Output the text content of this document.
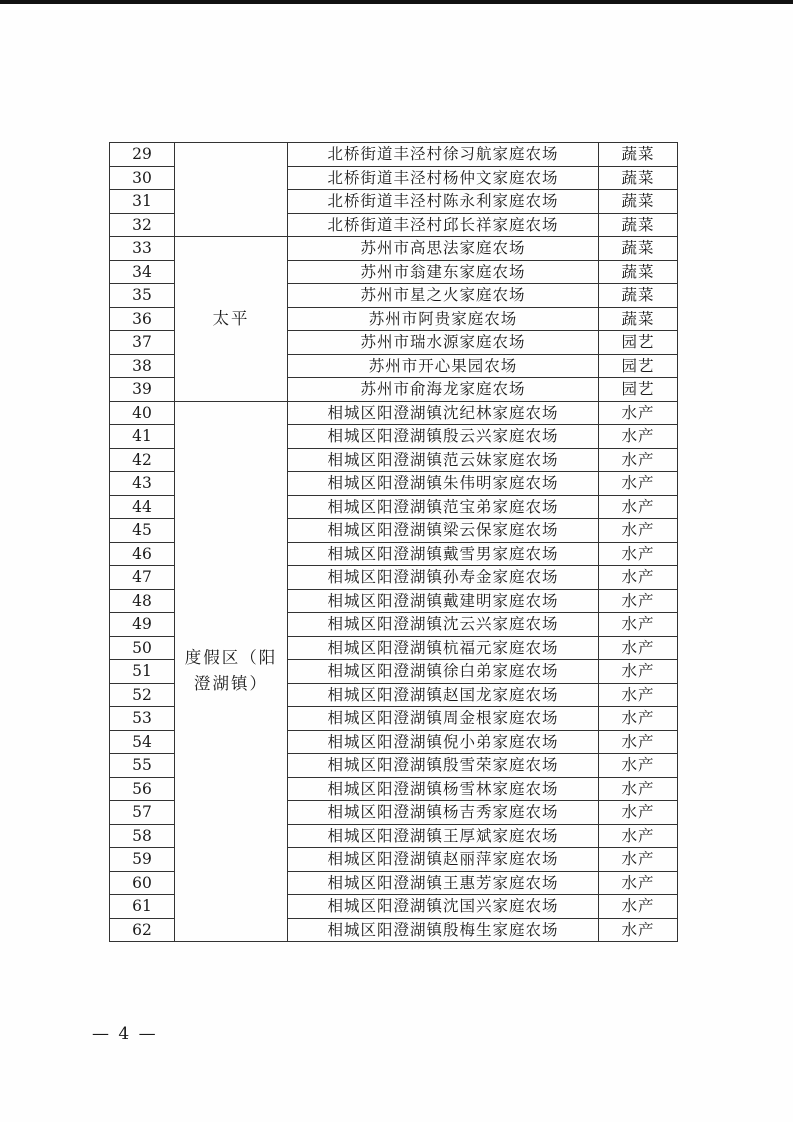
29		北桥街道丰泾村徐习航家庭农场	蔬菜
30		北桥街道丰泾村杨仲文家庭农场	蔬菜
31		北桥街道丰泾村陈永利家庭农场	蔬菜
32		北桥街道丰泾村邱长祥家庭农场	蔬菜
33	太平	苏州市高思法家庭农场	蔬菜
34		苏州市翁建东家庭农场	蔬菜
35		苏州市星之火家庭农场	蔬菜
36		苏州市阿贵家庭农场	蔬菜
37		苏州市瑞水源家庭农场	园艺
38		苏州市开心果园农场	园艺
39		苏州市俞海龙家庭农场	园艺
40	度假区（阳澄湖镇）	相城区阳澄湖镇沈纪林家庭农场	水产
41		相城区阳澄湖镇殷云兴家庭农场	水产
42		相城区阳澄湖镇范云妹家庭农场	水产
43		相城区阳澄湖镇朱伟明家庭农场	水产
44		相城区阳澄湖镇范宝弟家庭农场	水产
45		相城区阳澄湖镇梁云保家庭农场	水产
46		相城区阳澄湖镇戴雪男家庭农场	水产
47		相城区阳澄湖镇孙寿金家庭农场	水产
48		相城区阳澄湖镇戴建明家庭农场	水产
49		相城区阳澄湖镇沈云兴家庭农场	水产
50		相城区阳澄湖镇杭福元家庭农场	水产
51		相城区阳澄湖镇徐白弟家庭农场	水产
52		相城区阳澄湖镇赵国龙家庭农场	水产
53		相城区阳澄湖镇周金根家庭农场	水产
54		相城区阳澄湖镇倪小弟家庭农场	水产
55		相城区阳澄湖镇殷雪荣家庭农场	水产
56		相城区阳澄湖镇杨雪林家庭农场	水产
57		相城区阳澄湖镇杨吉秀家庭农场	水产
58		相城区阳澄湖镇王厚斌家庭农场	水产
59		相城区阳澄湖镇赵丽萍家庭农场	水产
60		相城区阳澄湖镇王惠芳家庭农场	水产
61		相城区阳澄湖镇沈国兴家庭农场	水产
62		相城区阳澄湖镇殷梅生家庭农场	水产
— 4 —
